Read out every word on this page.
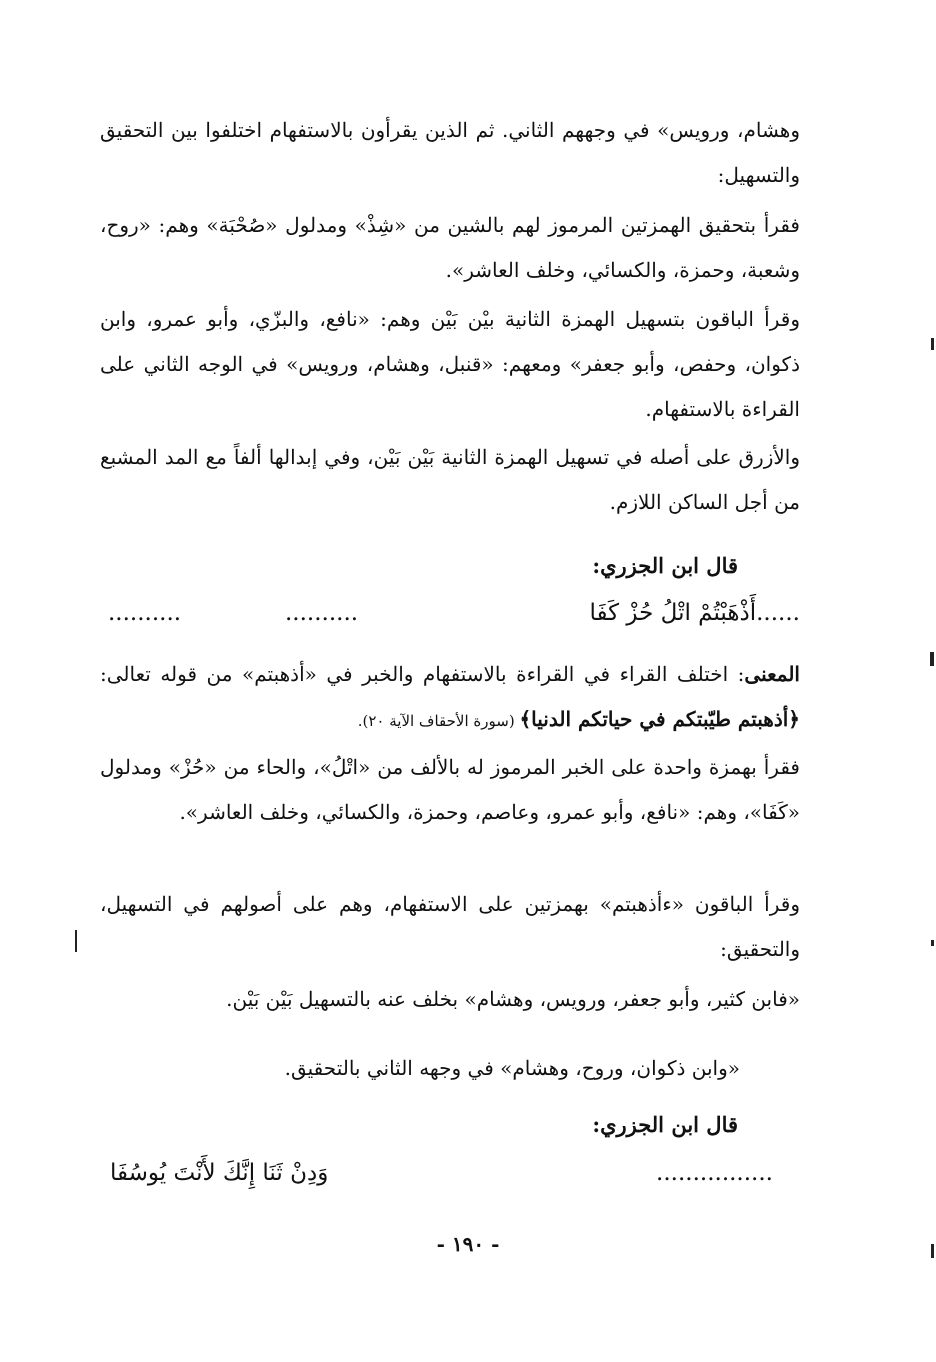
وهشام، ورويس» في وجههم الثاني. ثم الذين يقرأون بالاستفهام اختلفوا بين التحقيق والتسهيل:

فقرأ بتحقيق الهمزتين المرموز لهم بالشين من «شِذْ» ومدلول «صُحْبَة» وهم: «روح، وشعبة، وحمزة، والكسائي، وخلف العاشر».

وقرأ الباقون بتسهيل الهمزة الثانية بيْن بَيْن وهم: «نافع، والبزّي، وأبو عمرو، وابن ذكوان، وحفص، وأبو جعفر» ومعهم: «قنبل، وهشام، ورويس» في الوجه الثاني على القراءة بالاستفهام.

والأزرق على أصله في تسهيل الهمزة الثانية بَيْن بَيْن، وفي إبدالها ألفاً مع المد المشبع من أجل الساكن اللازم.

قال ابن الجزري:

......أَذْهَبْتُمْ اتْلُ حُزْ كَفَا
..........
..........

المعنى: اختلف القراء في القراءة بالاستفهام والخبر في «أذهبتم» من قوله تعالى: ﴿أذهبتم طيّبتكم في حياتكم الدنيا﴾ (سورة الأحقاف الآية ٢٠).

فقرأ بهمزة واحدة على الخبر المرموز له بالألف من «اتْلُ»، والحاء من «حُزْ» ومدلول «كَفَا»، وهم: «نافع، وأبو عمرو، وعاصم، وحمزة، والكسائي، وخلف العاشر».

وقرأ الباقون «ءأذهبتم» بهمزتين على الاستفهام، وهم على أصولهم في التسهيل، والتحقيق:

«فابن كثير، وأبو جعفر، ورويس، وهشام» بخلف عنه بالتسهيل بَيْن بَيْن.

«وابن ذكوان، وروح، وهشام» في وجهه الثاني بالتحقيق.

قال ابن الجزري:

وَدِنْ ثَنَا إِنَّكَ لأَنْتَ يُوسُفَا	................
- ١٩٠ -
